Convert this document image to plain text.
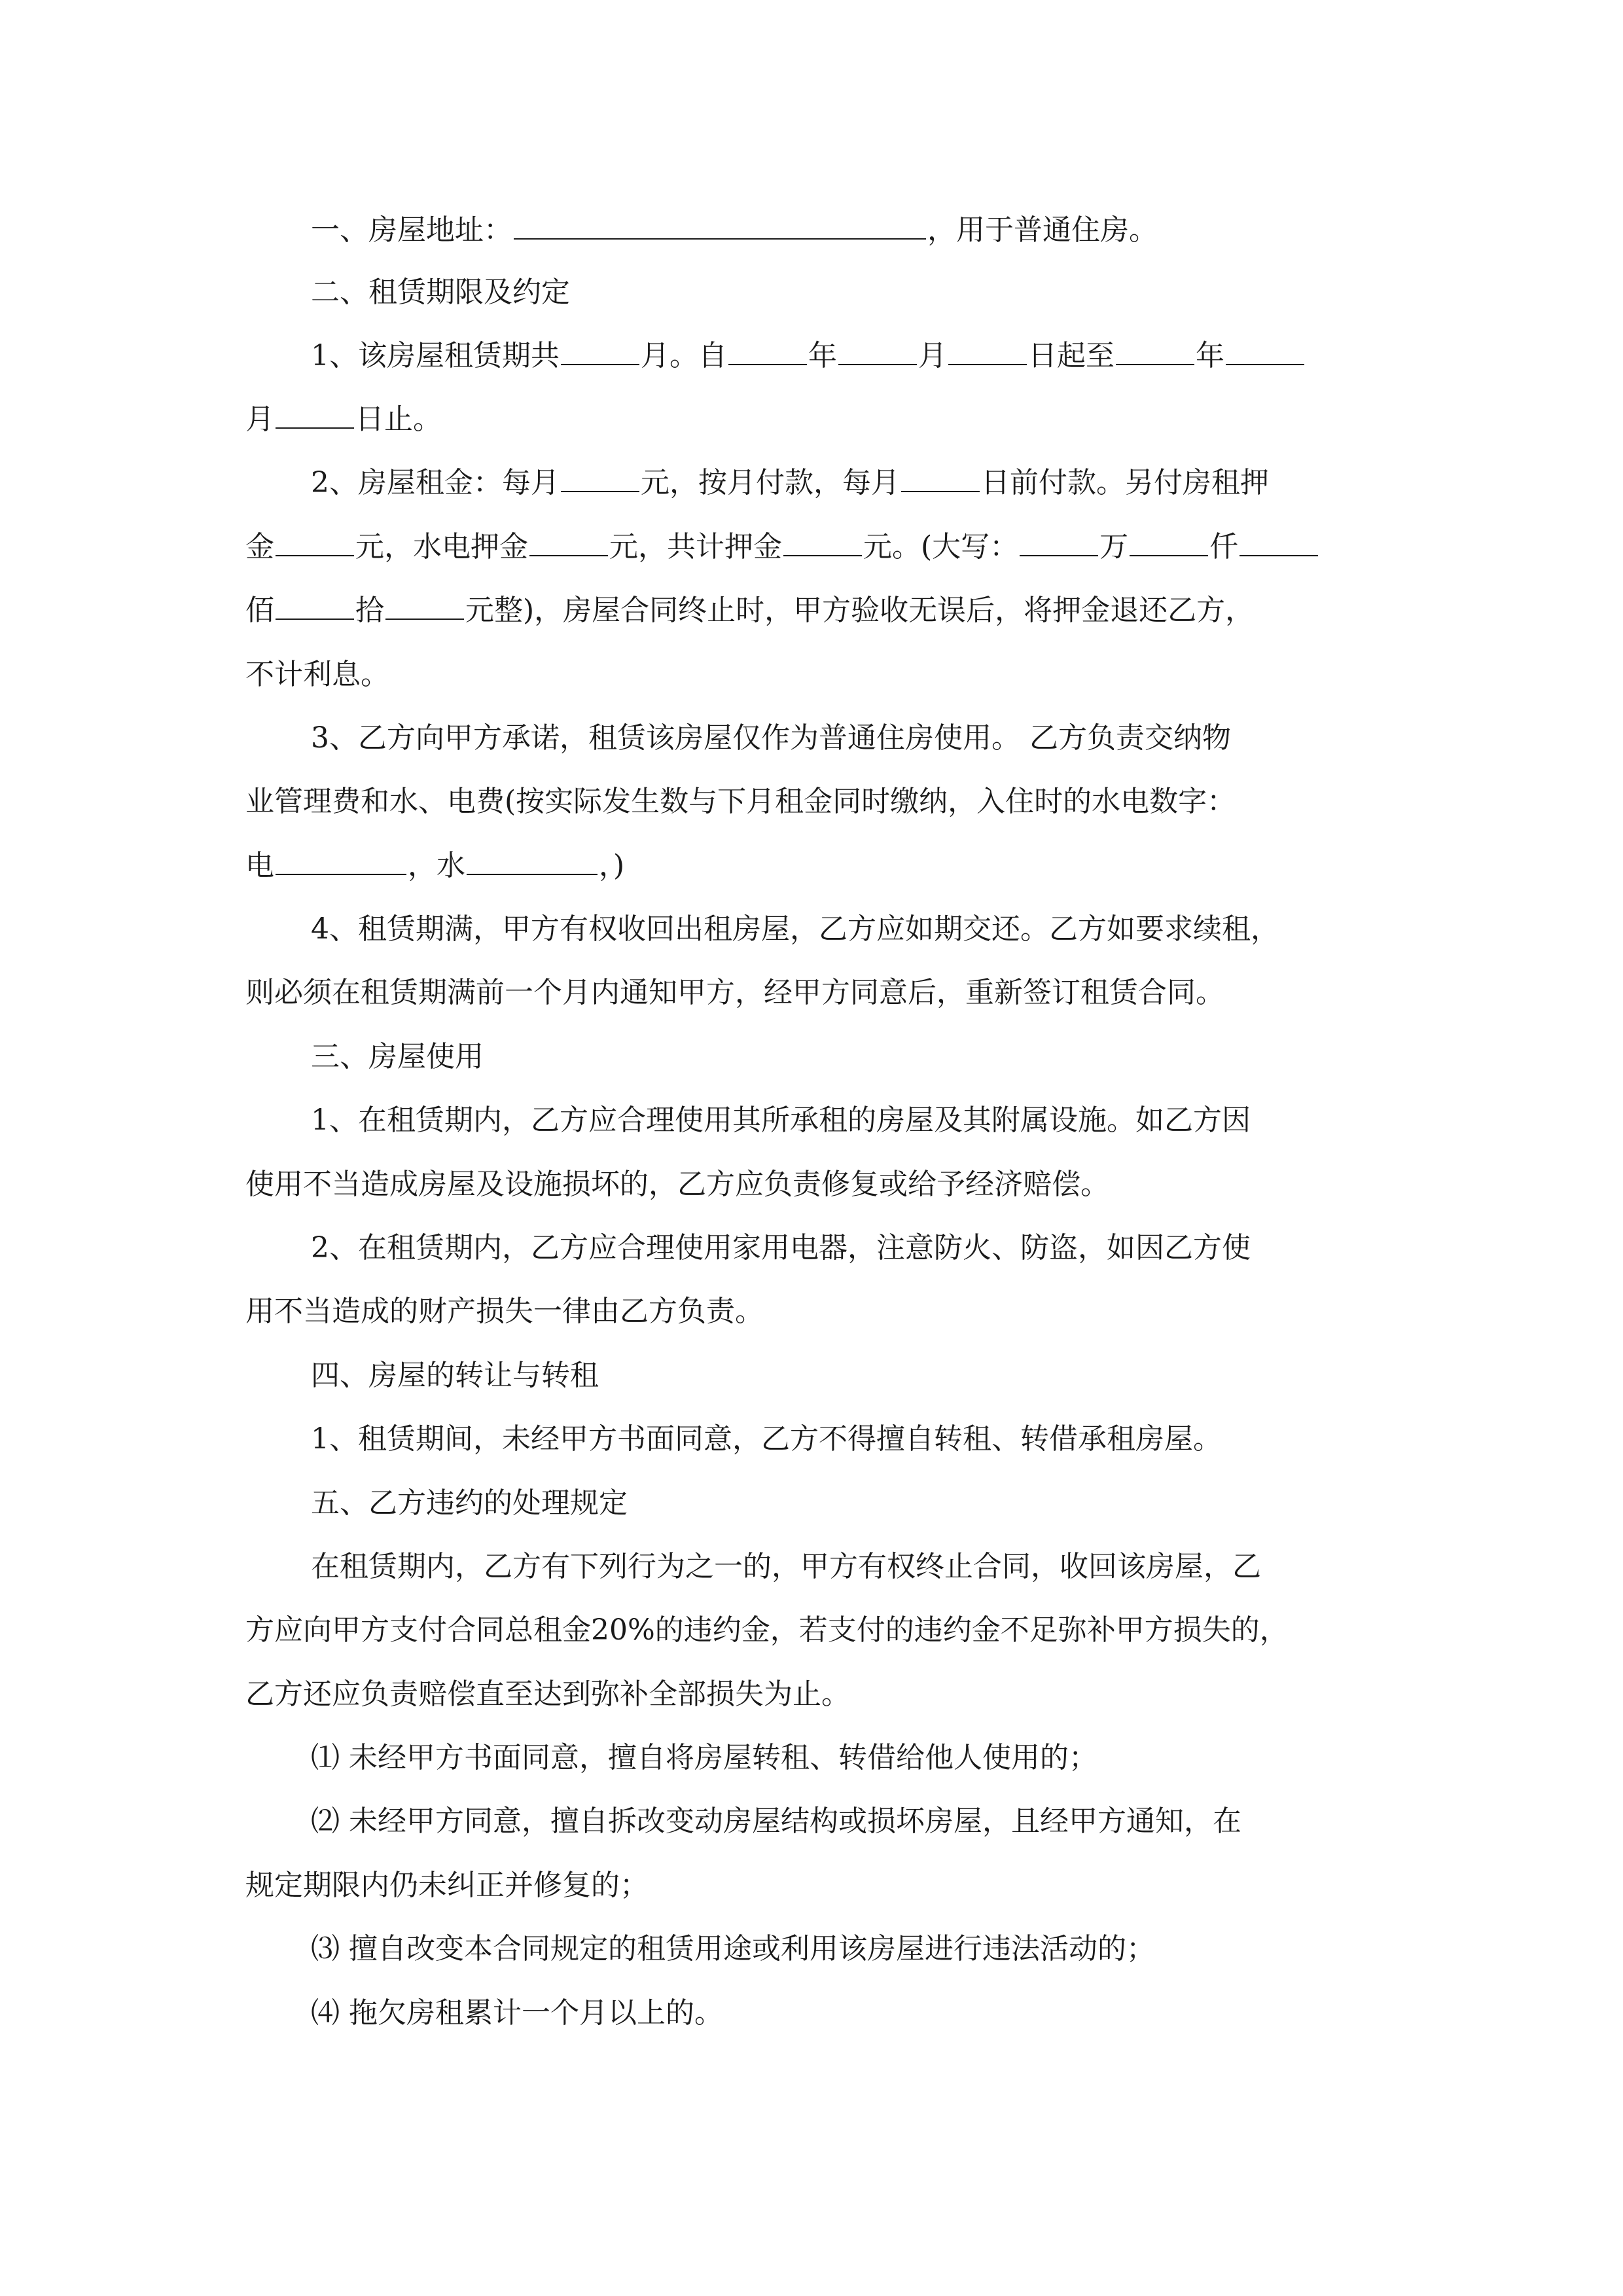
一、房屋地址：	，用于普通住房。
二、租赁期限及约定
1、该房屋租赁期共	月。自	年	月	日起至	年
月	日止。
2、房屋租金：每月	元，按月付款，每月	日前付款。另付房租押
金	元，水电押金	元，共计押金	元。(大写：	万	仟
佰	拾	元整)，房屋合同终止时，甲方验收无误后，将押金退还乙方，
不计利息。
3、乙方向甲方承诺，租赁该房屋仅作为普通住房使用。 乙方负责交纳物
业管理费和水、电费(按实际发生数与下月租金同时缴纳，入住时的水电数字：
电	，水	，)
4、租赁期满，甲方有权收回出租房屋，乙方应如期交还。乙方如要求续租，
则必须在租赁期满前一个月内通知甲方，经甲方同意后，重新签订租赁合同。
三、房屋使用
1、在租赁期内，乙方应合理使用其所承租的房屋及其附属设施。如乙方因
使用不当造成房屋及设施损坏的，乙方应负责修复或给予经济赔偿。
2、在租赁期内，乙方应合理使用家用电器，注意防火、防盗，如因乙方使
用不当造成的财产损失一律由乙方负责。
四、房屋的转让与转租
1、租赁期间，未经甲方书面同意，乙方不得擅自转租、转借承租房屋。
五、乙方违约的处理规定
在租赁期内，乙方有下列行为之一的，甲方有权终止合同，收回该房屋，乙
方应向甲方支付合同总租金20%的违约金，若支付的违约金不足弥补甲方损失的，
乙方还应负责赔偿直至达到弥补全部损失为止。
⑴ 未经甲方书面同意，擅自将房屋转租、转借给他人使用的；
⑵ 未经甲方同意，擅自拆改变动房屋结构或损坏房屋，且经甲方通知，在
规定期限内仍未纠正并修复的；
⑶ 擅自改变本合同规定的租赁用途或利用该房屋进行违法活动的；
⑷ 拖欠房租累计一个月以上的。
